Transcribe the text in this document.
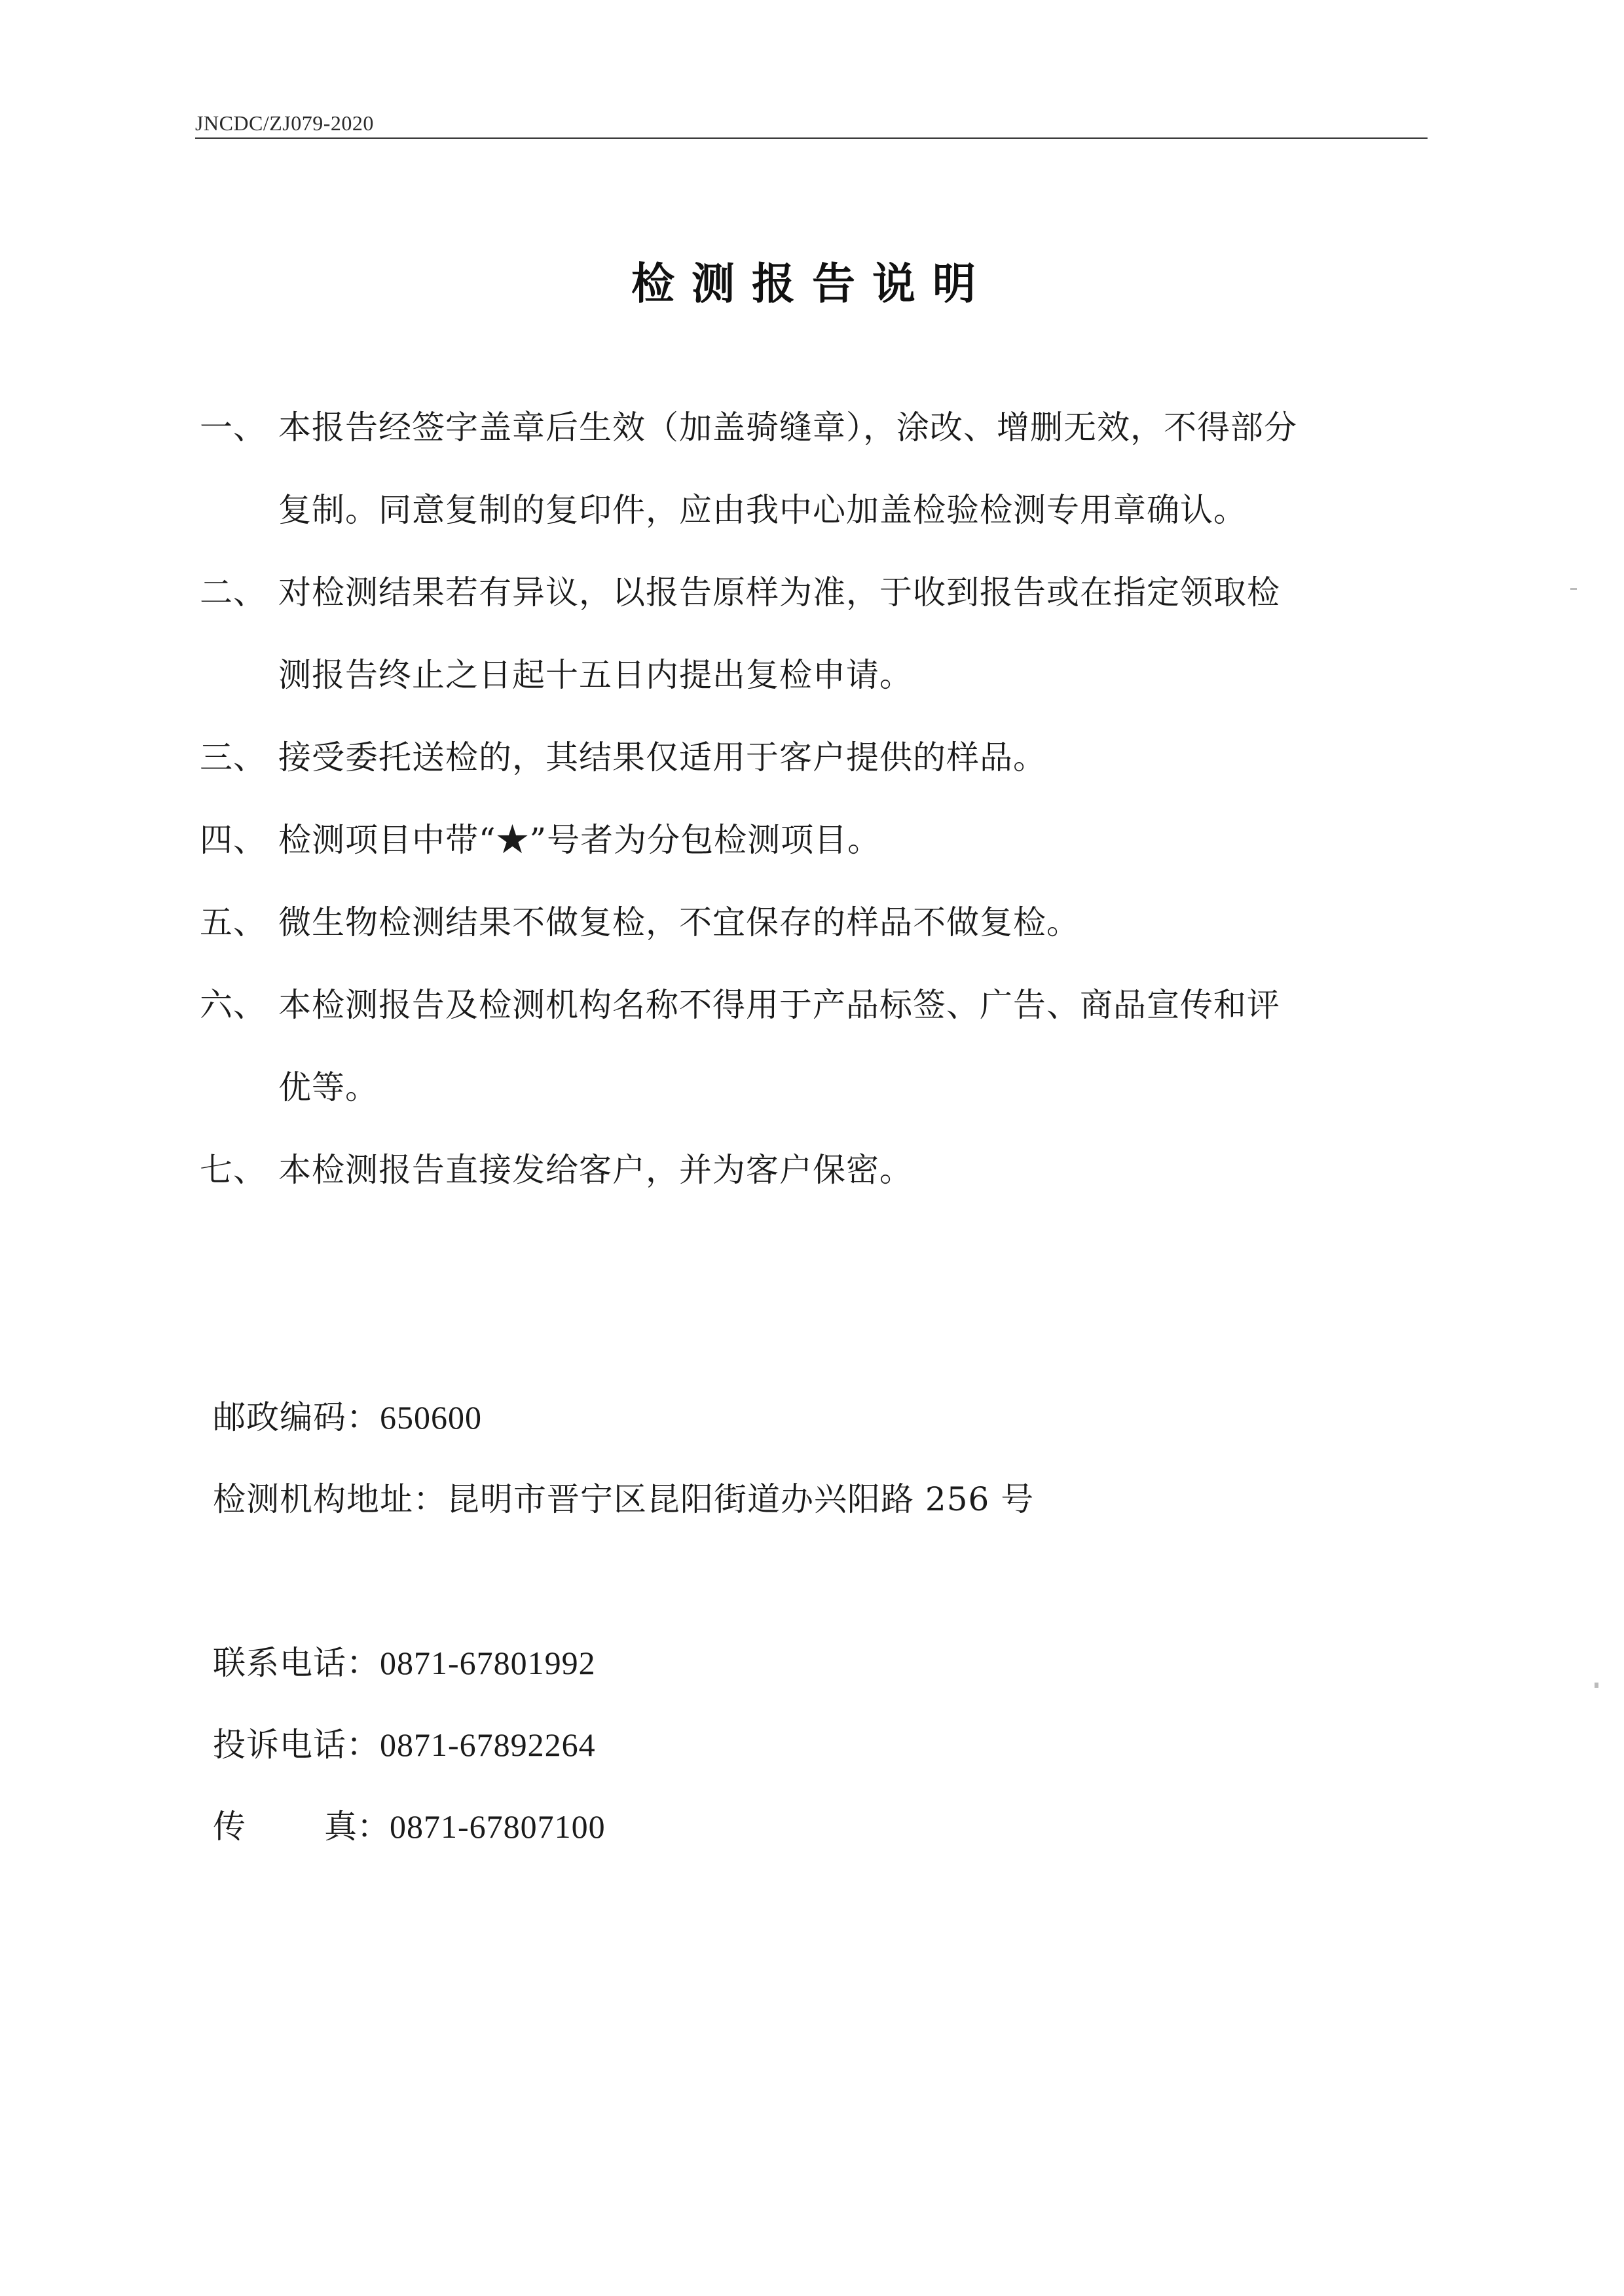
JNCDC/ZJ079-2020
检测报告说明
一、 本报告经签字盖章后生效（加盖骑缝章），涂改、增删无效，不得部分
复制。同意复制的复印件，应由我中心加盖检验检测专用章确认。
二、 对检测结果若有异议，以报告原样为准，于收到报告或在指定领取检
测报告终止之日起十五日内提出复检申请。
三、 接受委托送检的，其结果仅适用于客户提供的样品。
四、 检测项目中带“★”号者为分包检测项目。
五、 微生物检测结果不做复检，不宜保存的样品不做复检。
六、 本检测报告及检测机构名称不得用于产品标签、广告、商品宣传和评
优等。
七、 本检测报告直接发给客户，并为客户保密。
邮政编码：650600
检测机构地址：昆明市晋宁区昆阳街道办兴阳路 256 号
联系电话：0871-67801992
投诉电话：0871-67892264
传 真：0871-67807100
